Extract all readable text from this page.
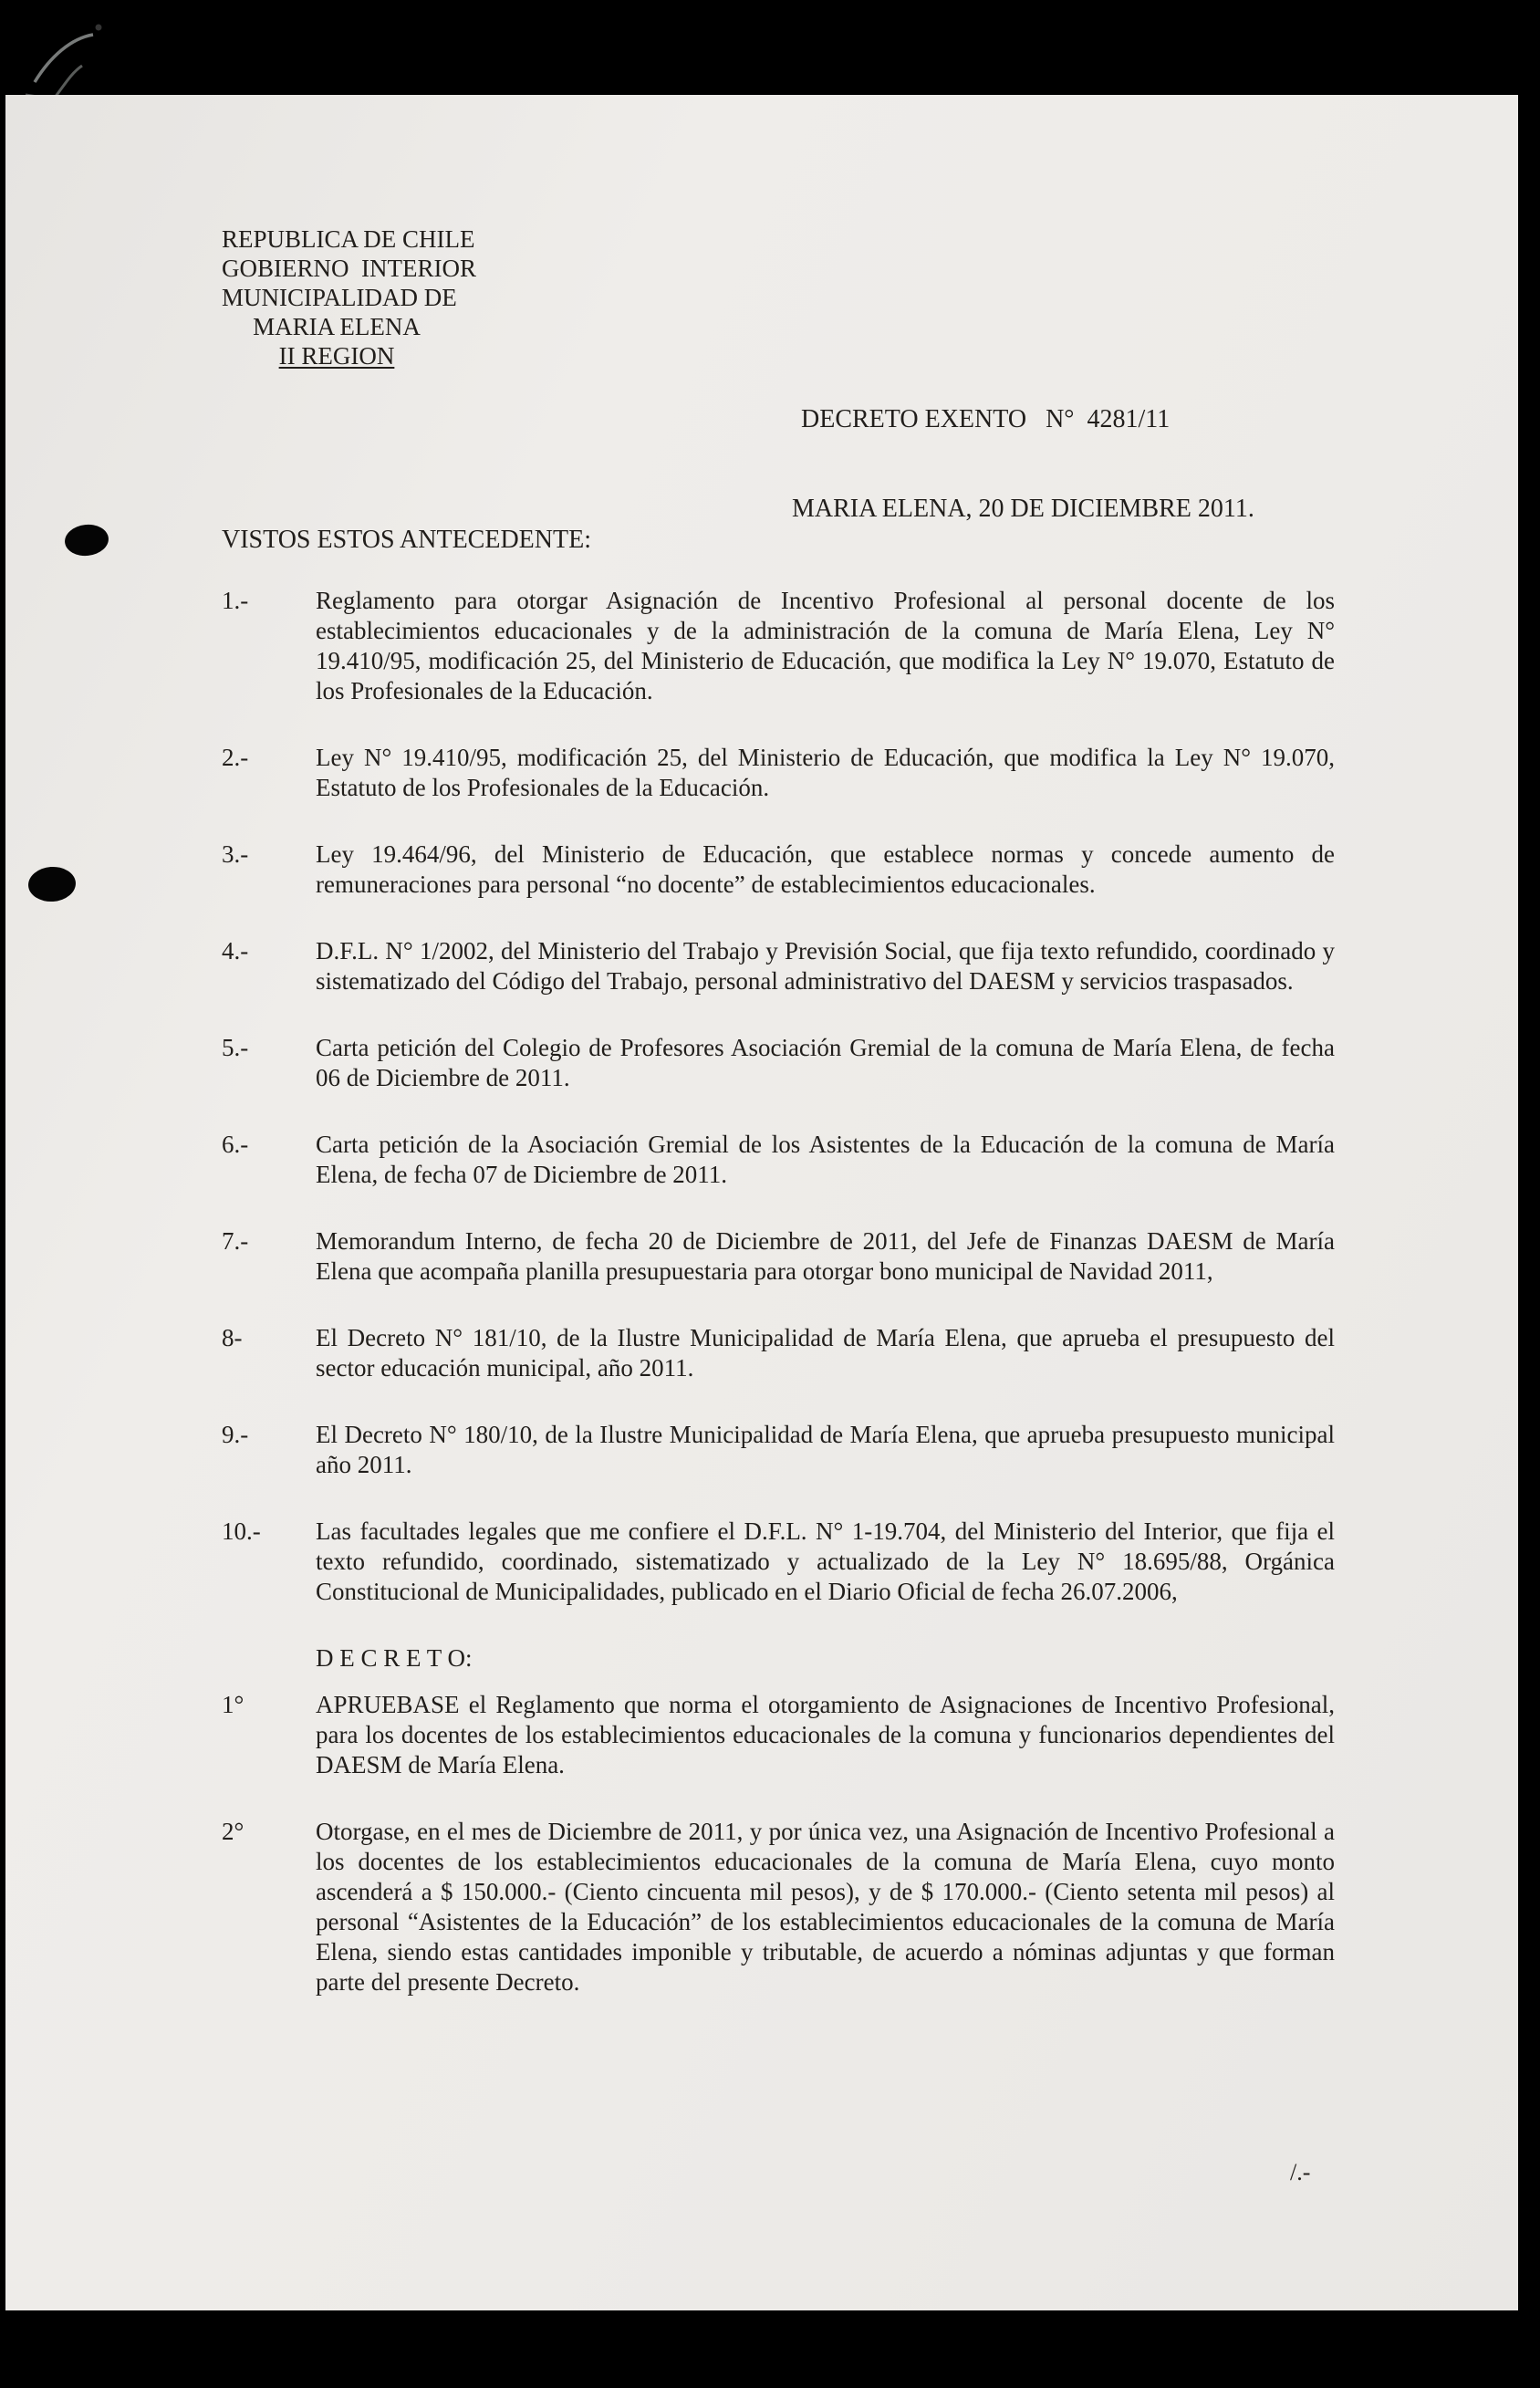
REPUBLICA DE CHILE
GOBIERNO  INTERIOR
MUNICIPALIDAD DE
MARIA ELENA
II REGION
DECRETO EXENTO   N°  4281/11
MARIA ELENA, 20 DE DICIEMBRE 2011.
VISTOS ESTOS ANTECEDENTE:
1.-	Reglamento para otorgar Asignación de Incentivo Profesional al personal docente de los establecimientos educacionales y de la administración de la comuna de María Elena, Ley N° 19.410/95, modificación 25, del Ministerio de Educación, que modifica la Ley N° 19.070, Estatuto de los Profesionales de la Educación.
2.-	Ley N° 19.410/95, modificación 25, del Ministerio de Educación, que modifica la Ley N° 19.070, Estatuto de los Profesionales de la Educación.
3.-	Ley 19.464/96, del Ministerio de Educación, que establece normas y concede aumento de remuneraciones para personal “no docente” de establecimientos educacionales.
4.-	D.F.L. N° 1/2002, del Ministerio del Trabajo y Previsión Social, que fija texto refundido, coordinado y sistematizado del Código del Trabajo, personal administrativo del DAESM y servicios traspasados.
5.-	Carta petición del Colegio de Profesores Asociación Gremial de la comuna de María Elena, de fecha 06 de Diciembre de 2011.
6.-	Carta petición de la Asociación Gremial de los Asistentes de la Educación de la comuna de María Elena, de fecha 07 de Diciembre de 2011.
7.-	Memorandum Interno, de fecha 20 de Diciembre de 2011, del Jefe de Finanzas DAESM de María Elena que acompaña planilla presupuestaria para otorgar bono municipal de Navidad 2011,
8-	El Decreto N° 181/10, de la Ilustre Municipalidad de María Elena, que aprueba el presupuesto del sector educación municipal, año 2011.
9.-	El Decreto N° 180/10, de la Ilustre Municipalidad de María Elena, que aprueba presupuesto municipal año 2011.
10.-	Las facultades legales que me confiere el D.F.L. N° 1-19.704, del Ministerio del Interior, que fija el texto refundido, coordinado, sistematizado y actualizado de la Ley N° 18.695/88, Orgánica Constitucional de Municipalidades, publicado en el Diario Oficial de fecha 26.07.2006,
D E C R E T O:
1°	APRUEBASE el Reglamento que norma el otorgamiento de Asignaciones de Incentivo Profesional, para los docentes de los establecimientos educacionales de la comuna y funcionarios dependientes del DAESM de María Elena.
2°	Otorgase, en el mes de Diciembre de 2011, y por única vez, una Asignación de Incentivo Profesional a los docentes de los establecimientos educacionales de la comuna de María Elena, cuyo monto ascenderá a $ 150.000.- (Ciento cincuenta mil pesos), y de $ 170.000.- (Ciento setenta mil pesos) al personal “Asistentes de la Educación” de los establecimientos educacionales de la comuna de María Elena, siendo estas cantidades imponible y tributable, de acuerdo a nóminas adjuntas y que forman parte del presente Decreto.
/.-
